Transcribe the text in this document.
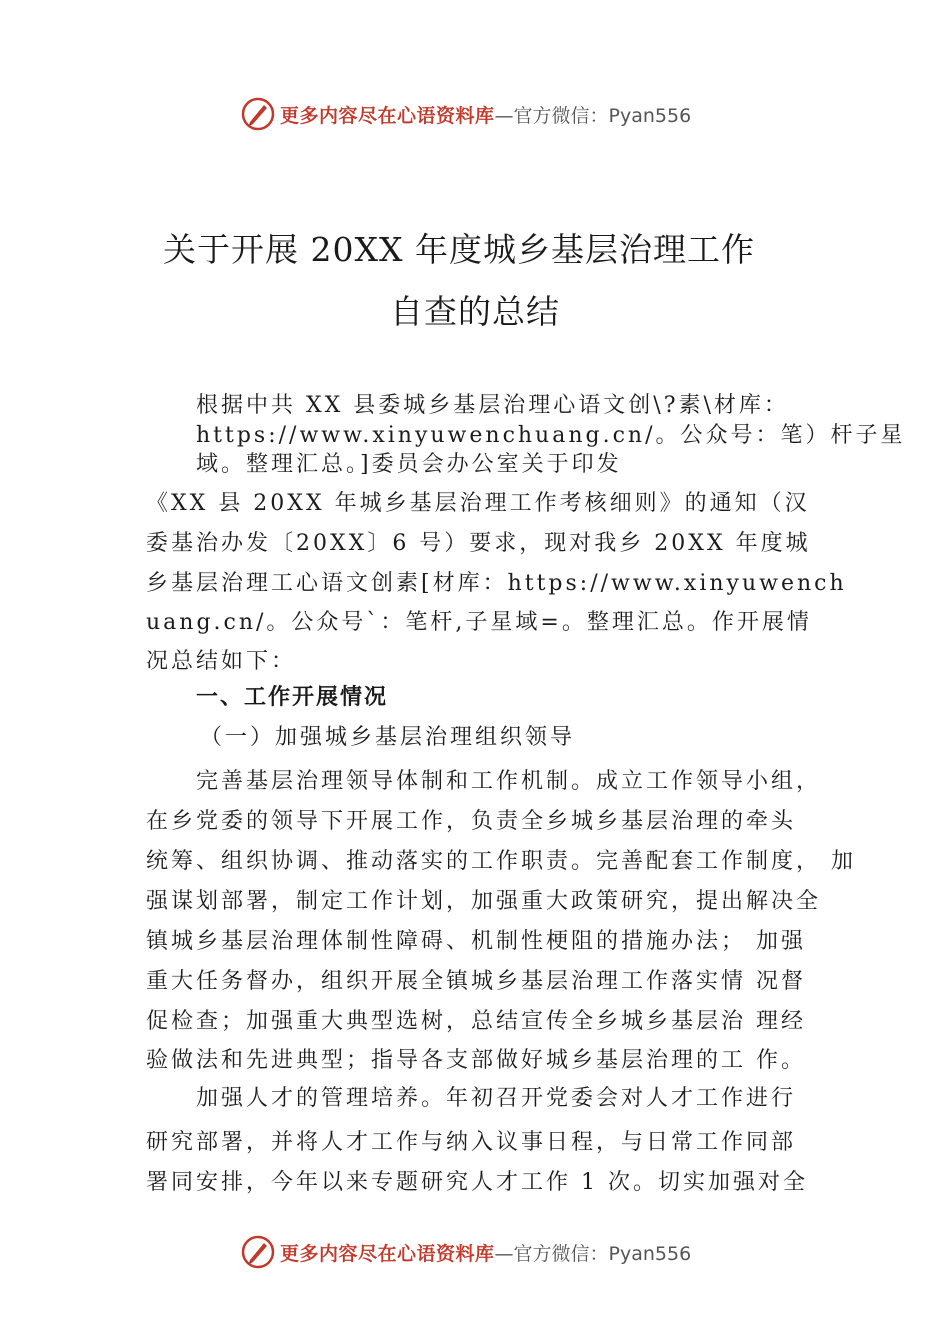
更多内容尽在心语资料库 —官方微信：Pyan556
关于开展 20XX 年度城乡基层治理工作
自查的总结
根据中共 XX 县委城乡基层治理心语文创\?素\材库：
https://www.xinyuwenchuang.cn/。公众号：笔）杆子星
域。整理汇总。]委员会办公室关于印发
《XX 县 20XX 年城乡基层治理工作考核细则》的通知（汉
委基治办发〔20XX〕6 号）要求，现对我乡 20XX 年度城
乡基层治理工心语文创素[材库：https://www.xinyuwench
uang.cn/。公众号`：笔杆,子星域=。整理汇总。作开展情
况总结如下：
一、工作开展情况
（一）加强城乡基层治理组织领导
完善基层治理领导体制和工作机制。成立工作领导小组，
在乡党委的领导下开展工作，负责全乡城乡基层治理的牵头
统筹、组织协调、推动落实的工作职责。完善配套工作制度， 加
强谋划部署，制定工作计划，加强重大政策研究，提出解决全
镇城乡基层治理体制性障碍、机制性梗阻的措施办法； 加强
重大任务督办，组织开展全镇城乡基层治理工作落实情 况督
促检查；加强重大典型选树，总结宣传全乡城乡基层治 理经
验做法和先进典型；指导各支部做好城乡基层治理的工 作。
加强人才的管理培养。年初召开党委会对人才工作进行
研究部署，并将人才工作与纳入议事日程，与日常工作同部
署同安排，今年以来专题研究人才工作 1 次。切实加强对全
更多内容尽在心语资料库 —官方微信：Pyan556
